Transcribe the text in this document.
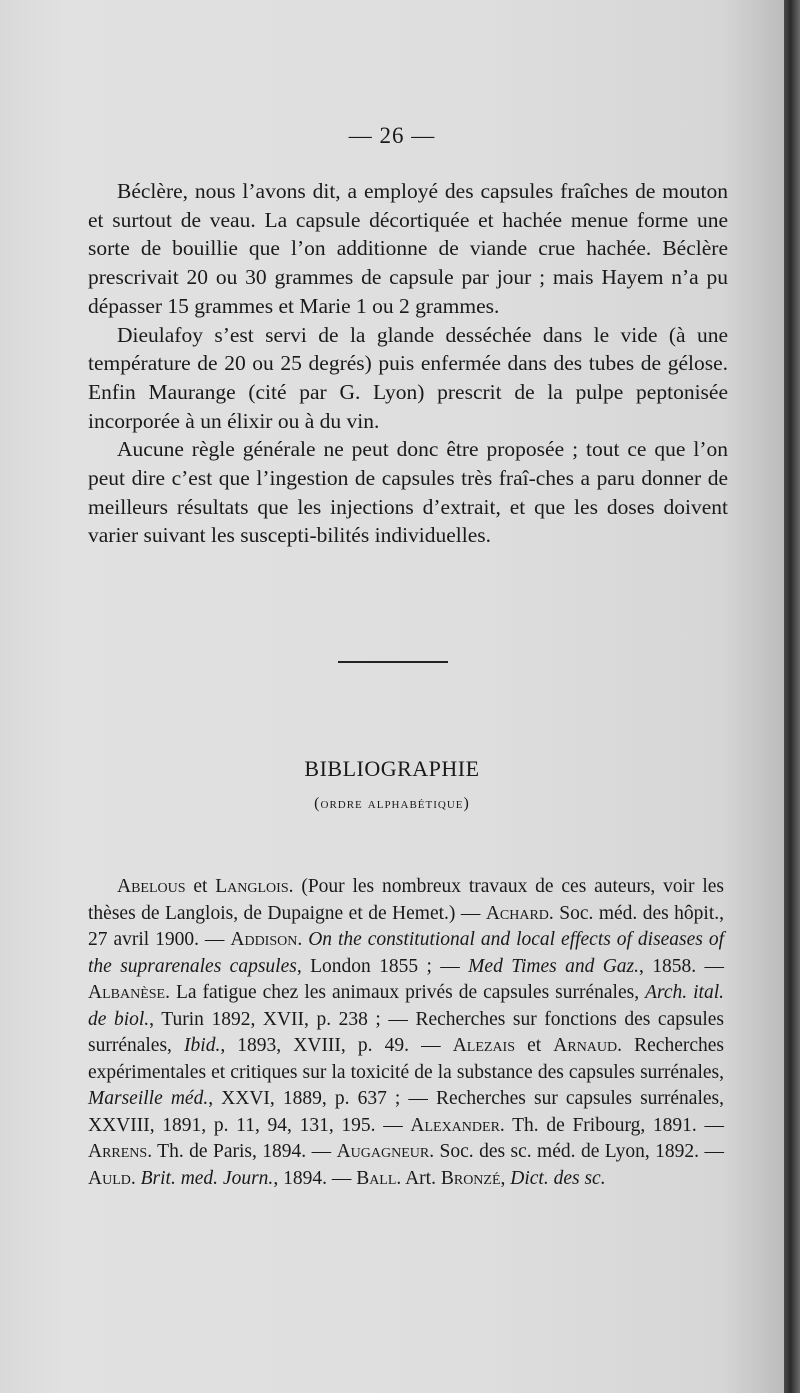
— 26 —

Béclère, nous l’avons dit, a employé des capsules fraîches de mouton et surtout de veau. La capsule décortiquée et hachée menue forme une sorte de bouillie que l’on additionne de viande crue hachée. Béclère prescrivait 20 ou 30 grammes de capsule par jour ; mais Hayem n’a pu dépasser 15 grammes et Marie 1 ou 2 grammes.

Dieulafoy s’est servi de la glande desséchée dans le vide (à une température de 20 ou 25 degrés) puis enfermée dans des tubes de gélose. Enfin Maurange (cité par G. Lyon) prescrit de la pulpe peptonisée incorporée à un élixir ou à du vin.

Aucune règle générale ne peut donc être proposée ; tout ce que l’on peut dire c’est que l’ingestion de capsules très fraî-ches a paru donner de meilleurs résultats que les injections d’extrait, et que les doses doivent varier suivant les suscepti-bilités individuelles.

BIBLIOGRAPHIE
(ordre alphabétique)

Abelous et Langlois. (Pour les nombreux travaux de ces auteurs, voir les thèses de Langlois, de Dupaigne et de Hemet.) — Achard. Soc. méd. des hôpit., 27 avril 1900. — Addison. On the constitutional and local effects of diseases of the suprarenales capsules, London 1855 ; — Med Times and Gaz., 1858. — Albanèse. La fatigue chez les animaux privés de capsules surrénales, Arch. ital. de biol., Turin 1892, XVII, p. 238 ; — Recherches sur fonctions des capsules surrénales, Ibid., 1893, XVIII, p. 49. — Alezais et Arnaud. Recherches expérimentales et critiques sur la toxicité de la substance des capsules surrénales, Marseille méd., XXVI, 1889, p. 637 ; — Recherches sur capsules surrénales, XXVIII, 1891, p. 11, 94, 131, 195. — Alexander. Th. de Fribourg, 1891. — Arrens. Th. de Paris, 1894. — Augagneur. Soc. des sc. méd. de Lyon, 1892. — Auld. Brit. med. Journ., 1894. — Ball. Art. Bronzé, Dict. des sc.
